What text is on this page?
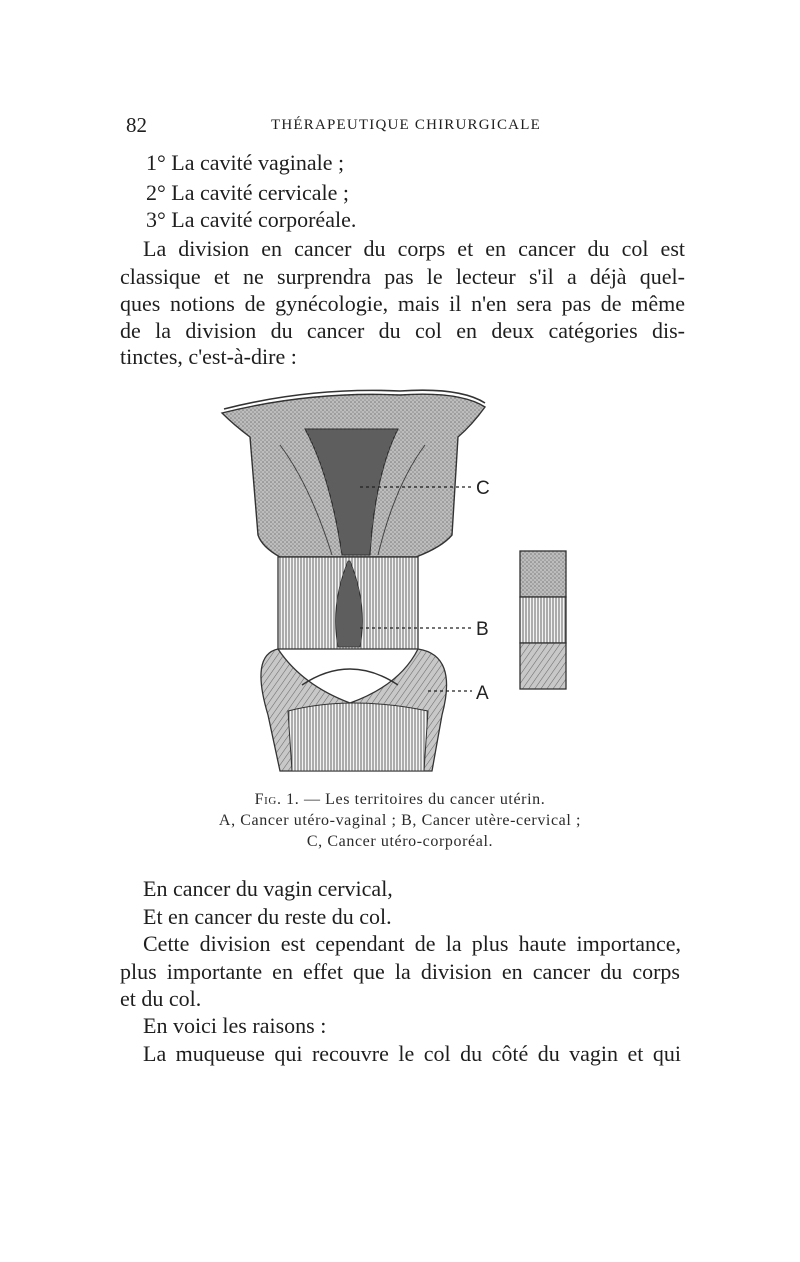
82	THÉRAPEUTIQUE CHIRURGICALE
1° La cavité vaginale ;
2° La cavité cervicale ;
3° La cavité corporéale.
La division en cancer du corps et en cancer du col est
classique et ne surprendra pas le lecteur s'il a déjà quel-
ques notions de gynécologie, mais il n'en sera pas de même
de la division du cancer du col en deux catégories dis-
tinctes, c'est-à-dire :
C
B
A
Fig. 1. — Les territoires du cancer utérin.
A, Cancer utéro-vaginal ; B, Cancer utère-cervical ;
C, Cancer utéro-corporéal.
En cancer du vagin cervical,
Et en cancer du reste du col.
Cette division est cependant de la plus haute importance,
plus importante en effet que la division en cancer du corps
et du col.
En voici les raisons :
La muqueuse qui recouvre le col du côté du vagin et qui
